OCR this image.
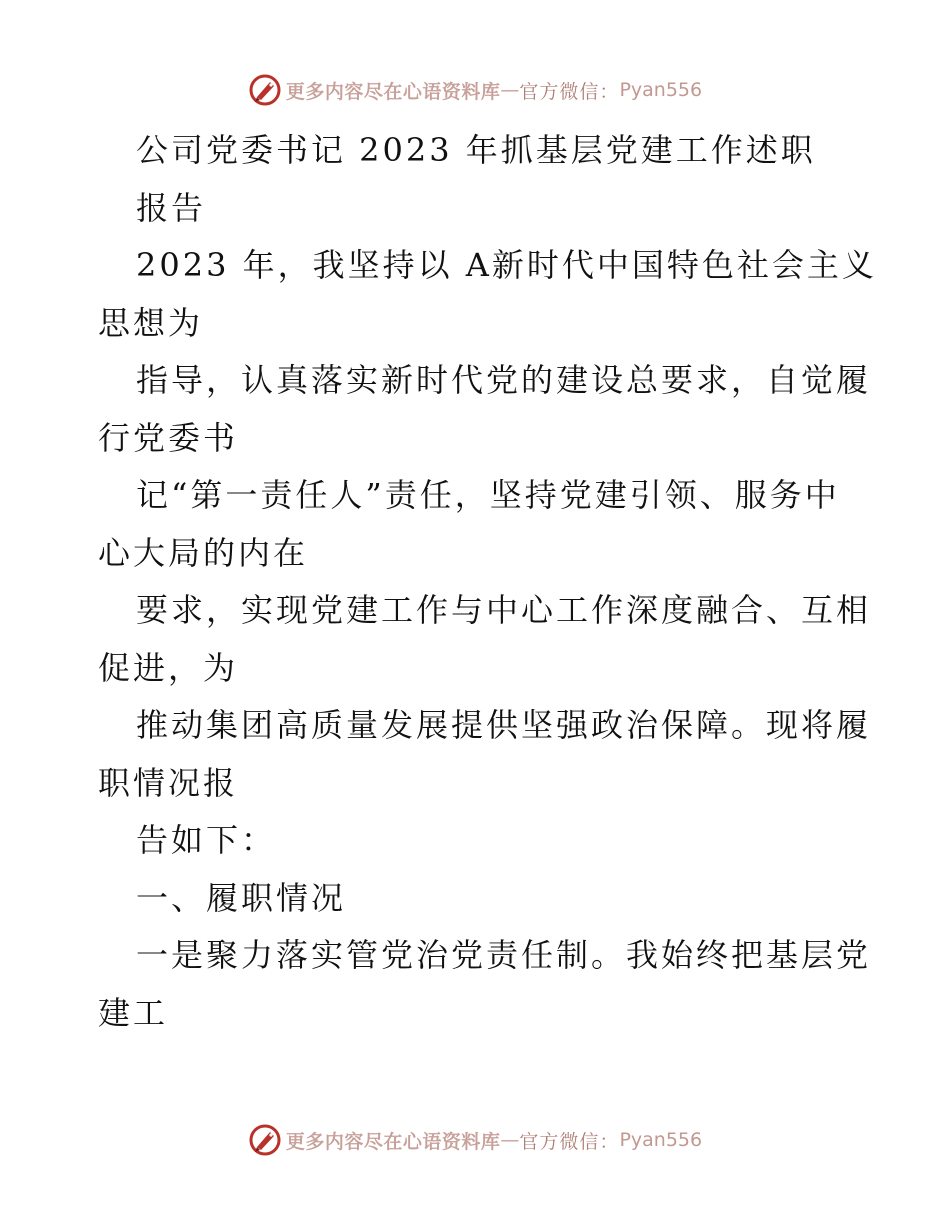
更多内容尽在心语资料库 — 官方微信： Pyan556
公司党委书记 2023 年抓基层党建工作述职
报告
2023 年，我坚持以 A新时代中国特色社会主义
思想为
指导，认真落实新时代党的建设总要求，自觉履
行党委书
记“第一责任人”责任，坚持党建引领、服务中
心大局的内在
要求，实现党建工作与中心工作深度融合、互相
促进，为
推动集团高质量发展提供坚强政治保障。现将履
职情况报
告如下：
一、履职情况
一是聚力落实管党治党责任制。我始终把基层党
建工
更多内容尽在心语资料库 — 官方微信： Pyan556
